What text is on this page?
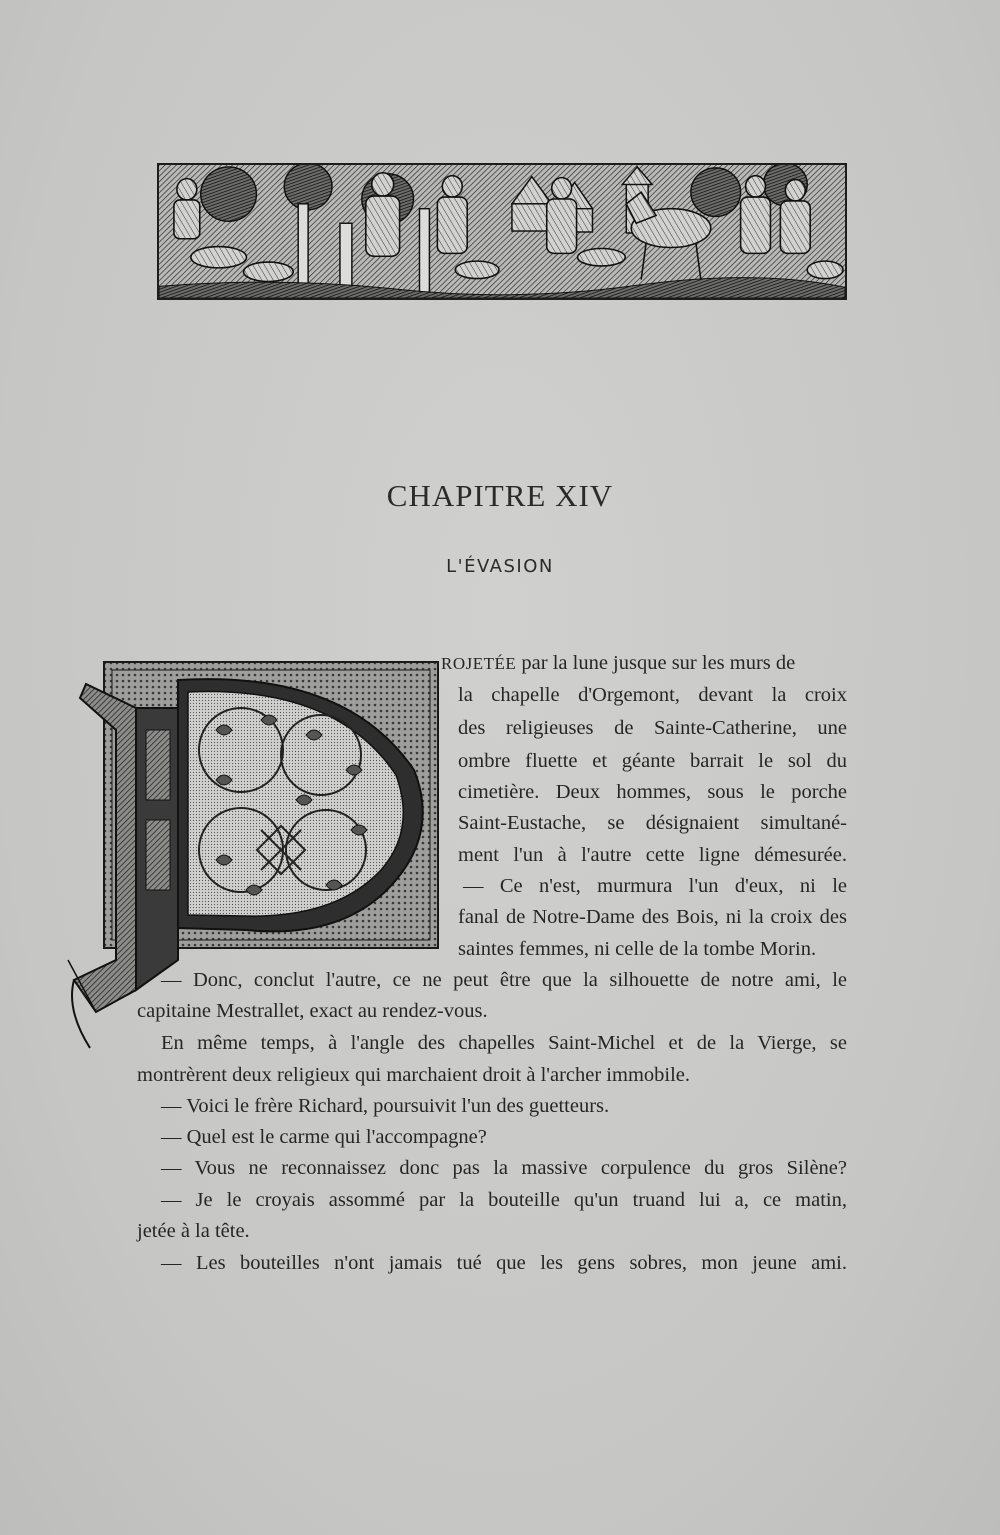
CHAPITRE XIV
L'ÉVASION
ROJETÉE par la lune jusque sur les murs de
la chapelle d'Orgemont, devant la croix
des religieuses de Sainte-Catherine, une
ombre fluette et géante barrait le sol du
cimetière. Deux hommes, sous le porche
Saint-Eustache, se désignaient simultané-
ment l'un à l'autre cette ligne démesurée.
— Ce n'est, murmura l'un d'eux, ni le
fanal de Notre-Dame des Bois, ni la croix des
saintes femmes, ni celle de la tombe Morin.
— Donc, conclut l'autre, ce ne peut être que la silhouette de notre ami, le
capitaine Mestrallet, exact au rendez-vous.
En même temps, à l'angle des chapelles Saint-Michel et de la Vierge, se
montrèrent deux religieux qui marchaient droit à l'archer immobile.
— Voici le frère Richard, poursuivit l'un des guetteurs.
— Quel est le carme qui l'accompagne?
— Vous ne reconnaissez donc pas la massive corpulence du gros Silène?
— Je le croyais assommé par la bouteille qu'un truand lui a, ce matin,
jetée à la tête.
— Les bouteilles n'ont jamais tué que les gens sobres, mon jeune ami.
